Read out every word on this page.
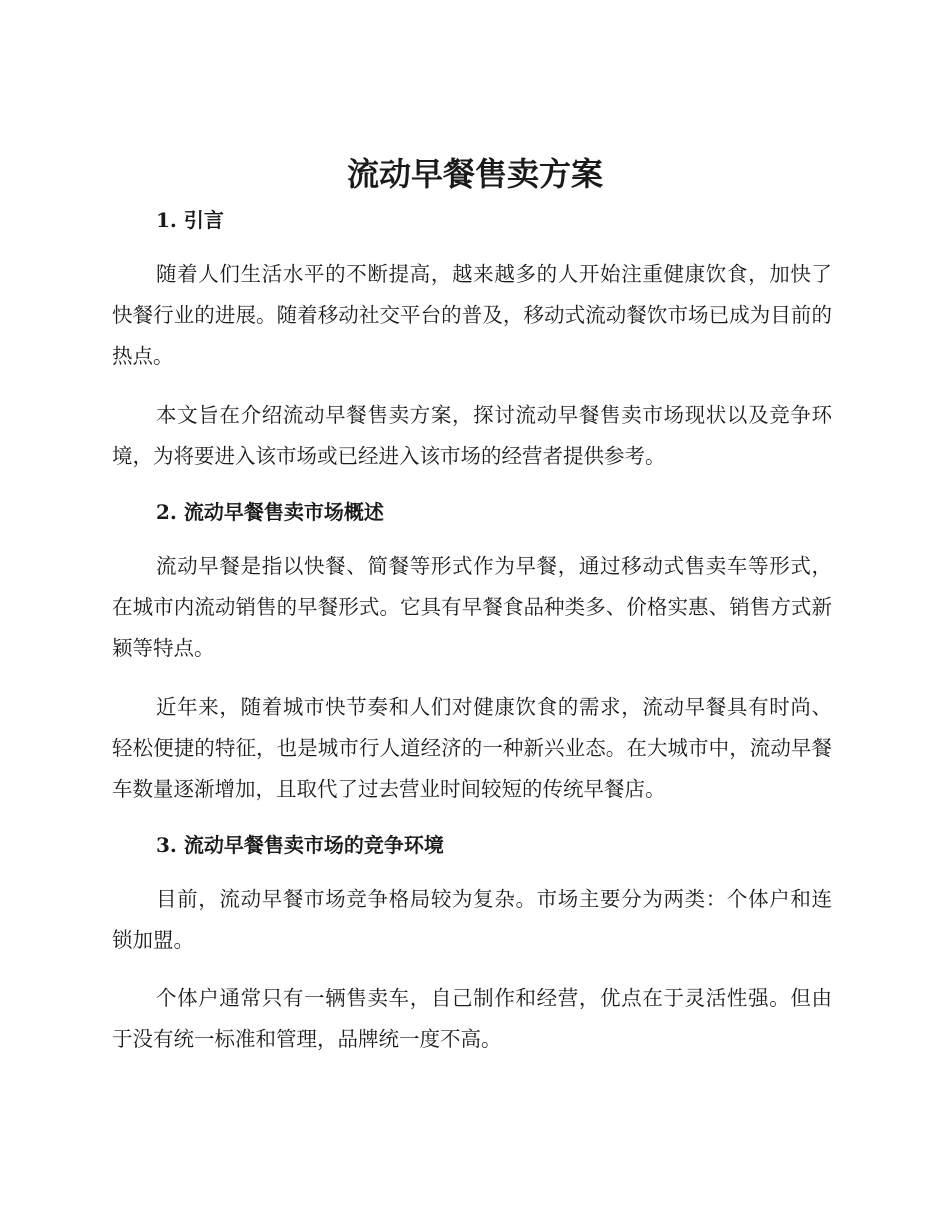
流动早餐售卖方案
1. 引言

随着人们生活水平的不断提高，越来越多的人开始注重健康饮食，加快了快餐行业的进展。随着移动社交平台的普及，移动式流动餐饮市场已成为目前的热点。

本文旨在介绍流动早餐售卖方案，探讨流动早餐售卖市场现状以及竞争环境，为将要进入该市场或已经进入该市场的经营者提供参考。

2. 流动早餐售卖市场概述

流动早餐是指以快餐、简餐等形式作为早餐，通过移动式售卖车等形式，在城市内流动销售的早餐形式。它具有早餐食品种类多、价格实惠、销售方式新颖等特点。

近年来，随着城市快节奏和人们对健康饮食的需求，流动早餐具有时尚、轻松便捷的特征，也是城市行人道经济的一种新兴业态。在大城市中，流动早餐车数量逐渐增加，且取代了过去营业时间较短的传统早餐店。

3. 流动早餐售卖市场的竞争环境

目前，流动早餐市场竞争格局较为复杂。市场主要分为两类：个体户和连锁加盟。

个体户通常只有一辆售卖车，自己制作和经营，优点在于灵活性强。但由于没有统一标准和管理，品牌统一度不高。
